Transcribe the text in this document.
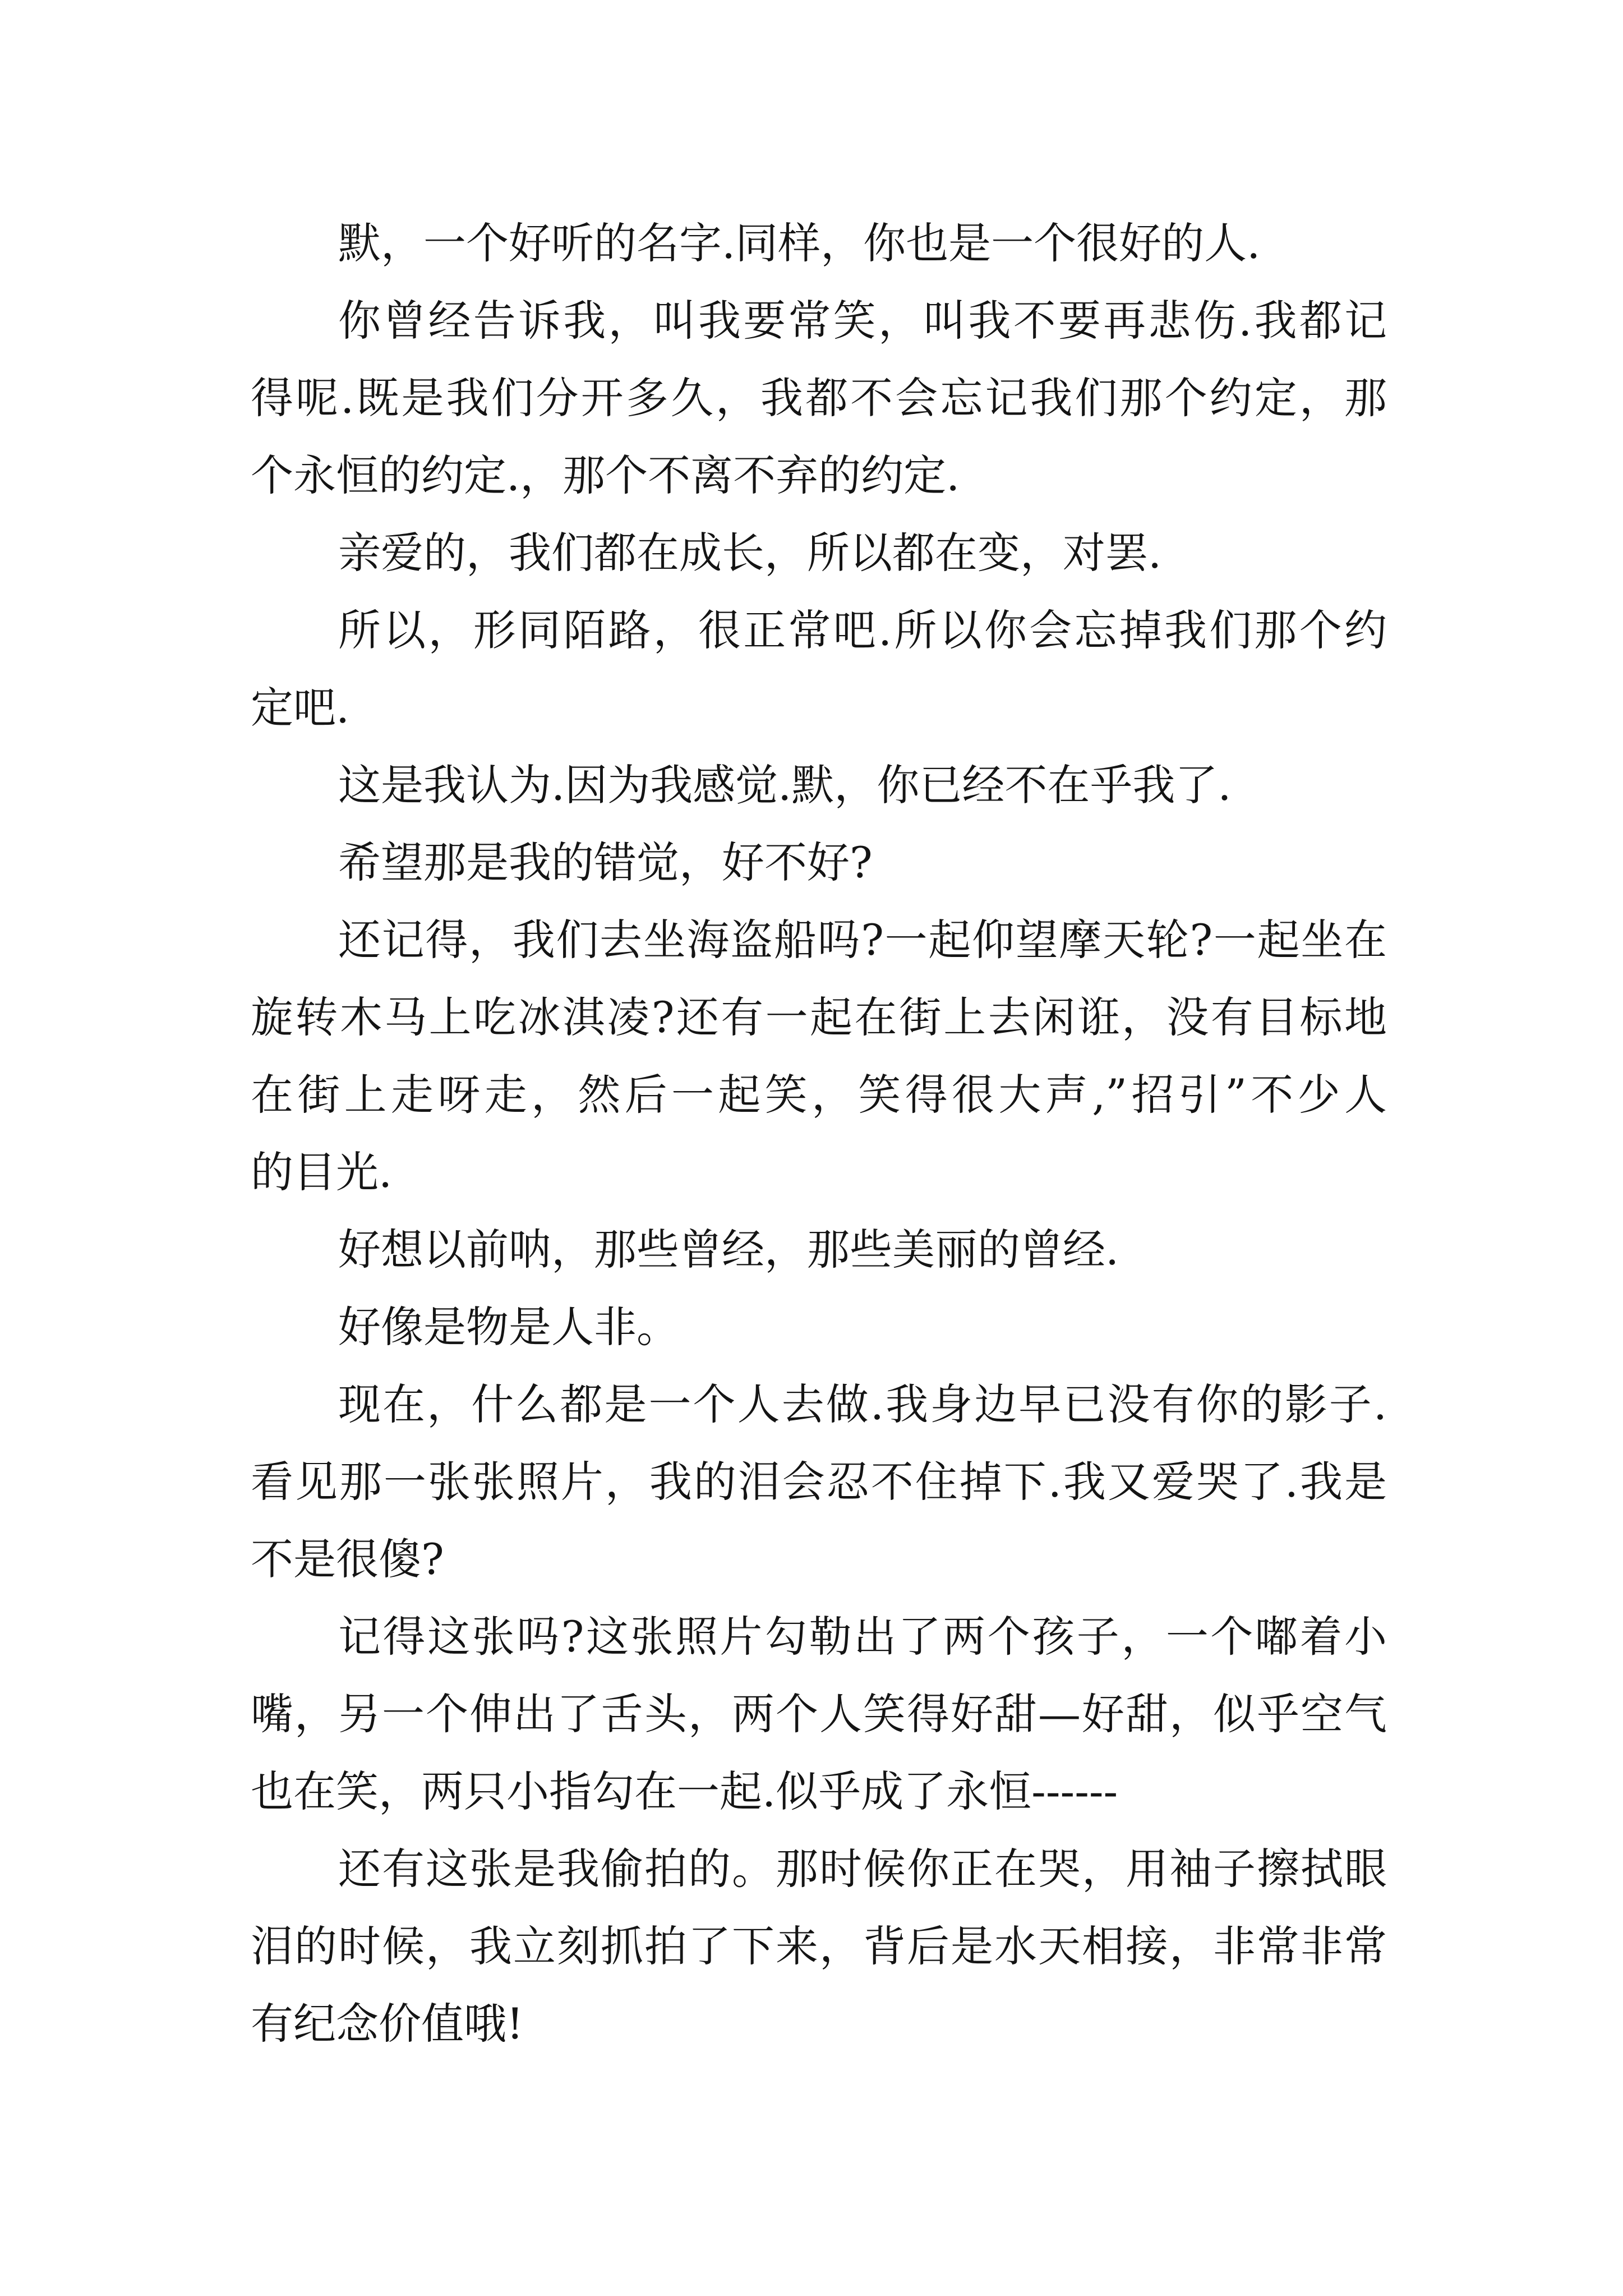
默，一个好听的名字.同样，你也是一个很好的人.
你曾经告诉我，叫我要常笑，叫我不要再悲伤.我都记
得呢.既是我们分开多久，我都不会忘记我们那个约定，那
个永恒的约定.，那个不离不弃的约定.
亲爱的，我们都在成长，所以都在变，对罢.
所以，形同陌路，很正常吧.所以你会忘掉我们那个约
定吧.
这是我认为.因为我感觉.默，你已经不在乎我了.
希望那是我的错觉，好不好?
还记得，我们去坐海盗船吗?一起仰望摩天轮?一起坐在
旋转木马上吃冰淇凌?还有一起在街上去闲诳，没有目标地
在街上走呀走，然后一起笑，笑得很大声,”招引”不少人
的目光.
好想以前呐，那些曾经，那些美丽的曾经.
好像是物是人非。
现在，什么都是一个人去做.我身边早已没有你的影子.
看见那一张张照片，我的泪会忍不住掉下.我又爱哭了.我是
不是很傻?
记得这张吗?这张照片勾勒出了两个孩子，一个嘟着小
嘴，另一个伸出了舌头，两个人笑得好甜—好甜，似乎空气
也在笑，两只小指勾在一起.似乎成了永恒------
还有这张是我偷拍的。那时候你正在哭，用袖子擦拭眼
泪的时候，我立刻抓拍了下来，背后是水天相接，非常非常
有纪念价值哦!
